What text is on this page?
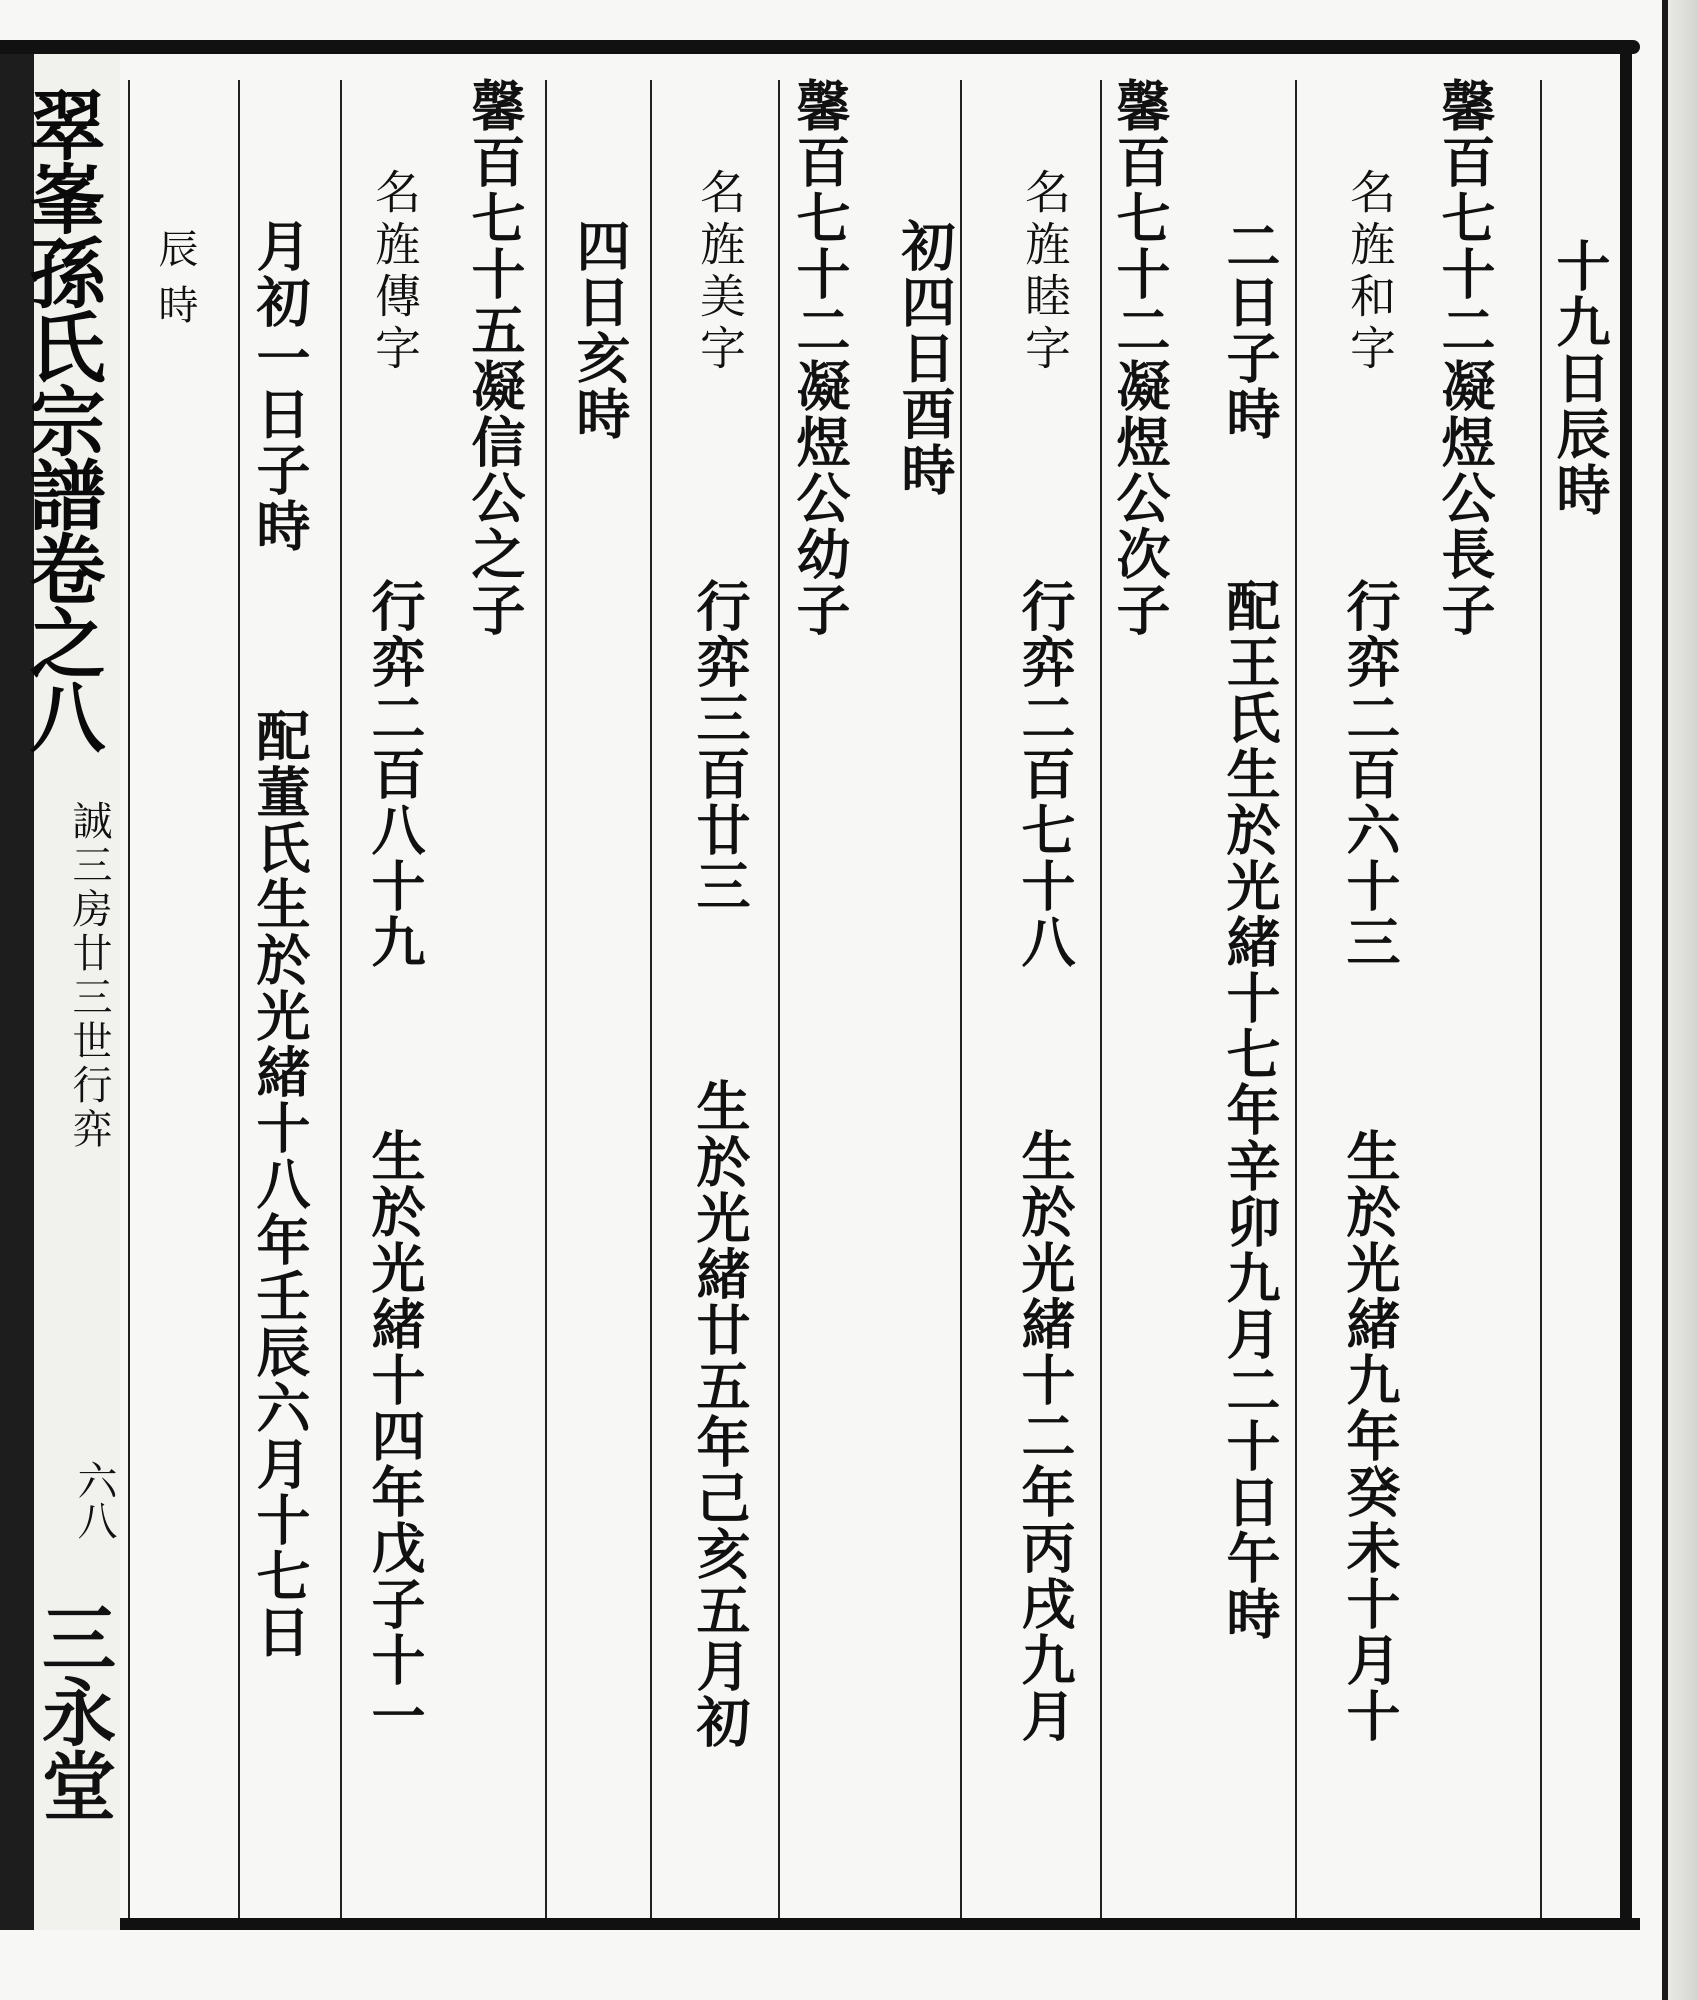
翠峯孫氏宗譜卷之八
誠三房廿三世行弈
六八
三永堂
十九日辰時
馨百七十二凝煜公長子
名旌和字
行弈二百六十三
生於光緒九年癸未十月十
二日子時
配王氏生於光緒十七年辛卯九月二十日午時
馨百七十二凝煜公次子
名旌睦字
行弈二百七十八
生於光緒十二年丙戌九月
初四日酉時
馨百七十二凝煜公幼子
名旌美字
行弈三百廿三
生於光緒廿五年己亥五月初
四日亥時
馨百七十五凝信公之子
名旌傳字
行弈二百八十九
生於光緒十四年戊子十一
月初一日子時
配董氏生於光緒十八年壬辰六月十七日
辰時
